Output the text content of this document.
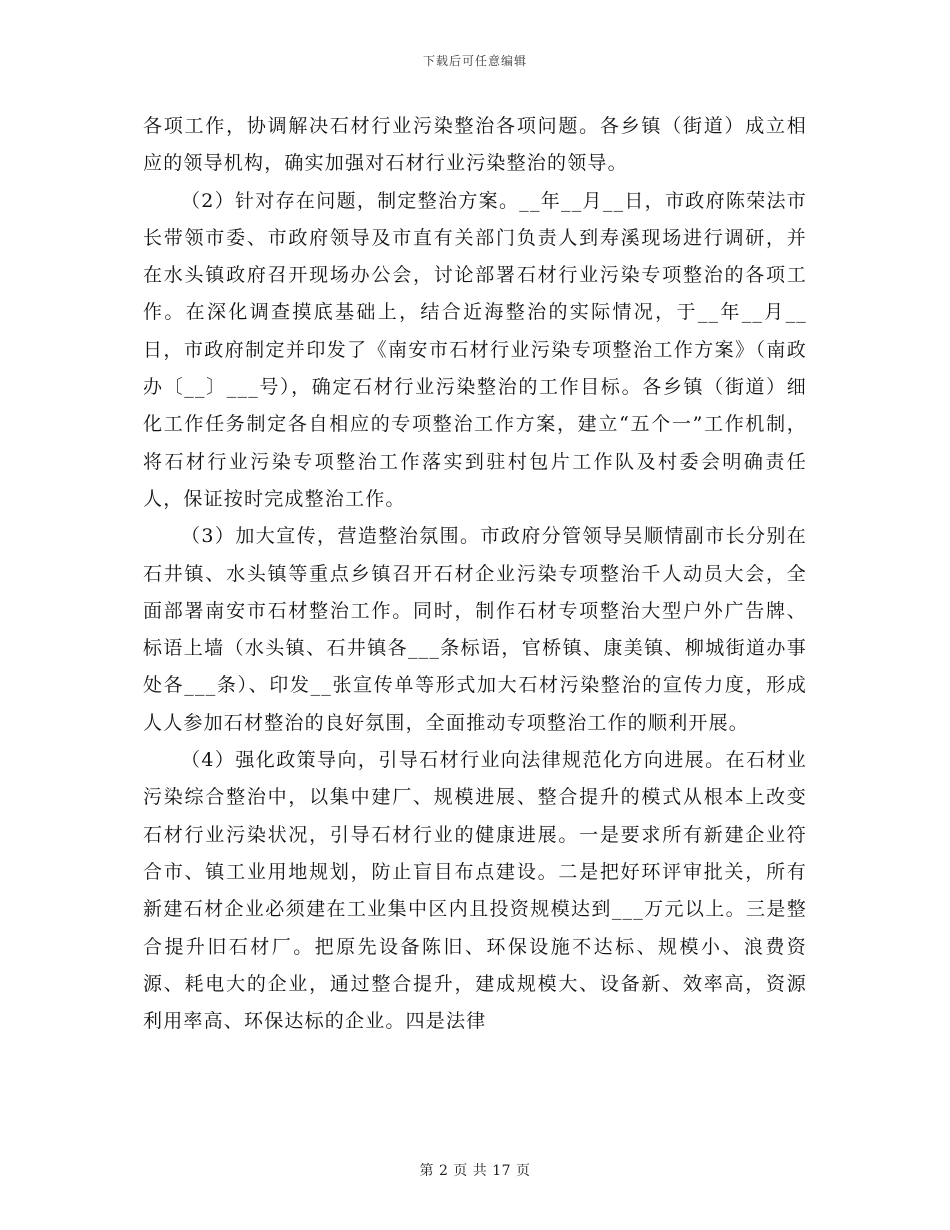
下载后可任意编辑

各项工作，协调解决石材行业污染整治各项问题。各乡镇（街道）成立相应的领导机构，确实加强对石材行业污染整治的领导。

（2）针对存在问题，制定整治方案。__年__月__日，市政府陈荣法市长带领市委、市政府领导及市直有关部门负责人到寿溪现场进行调研，并在水头镇政府召开现场办公会，讨论部署石材行业污染专项整治的各项工作。在深化调查摸底基础上，结合近海整治的实际情况，于__年__月__日，市政府制定并印发了《南安市石材行业污染专项整治工作方案》（南政办〔__〕___号），确定石材行业污染整治的工作目标。各乡镇（街道）细化工作任务制定各自相应的专项整治工作方案，建立“五个一”工作机制，将石材行业污染专项整治工作落实到驻村包片工作队及村委会明确责任人，保证按时完成整治工作。

（3）加大宣传，营造整治氛围。市政府分管领导吴顺情副市长分别在石井镇、水头镇等重点乡镇召开石材企业污染专项整治千人动员大会，全面部署南安市石材整治工作。同时，制作石材专项整治大型户外广告牌、标语上墙（水头镇、石井镇各___条标语，官桥镇、康美镇、柳城街道办事处各___条）、印发__张宣传单等形式加大石材污染整治的宣传力度，形成人人参加石材整治的良好氛围，全面推动专项整治工作的顺利开展。

（4）强化政策导向，引导石材行业向法律规范化方向进展。在石材业污染综合整治中，以集中建厂、规模进展、整合提升的模式从根本上改变石材行业污染状况，引导石材行业的健康进展。一是要求所有新建企业符合市、镇工业用地规划，防止盲目布点建设。二是把好环评审批关，所有新建石材企业必须建在工业集中区内且投资规模达到___万元以上。三是整合提升旧石材厂。把原先设备陈旧、环保设施不达标、规模小、浪费资源、耗电大的企业，通过整合提升，建成规模大、设备新、效率高，资源利用率高、环保达标的企业。四是法律

第 2 页 共 17 页
